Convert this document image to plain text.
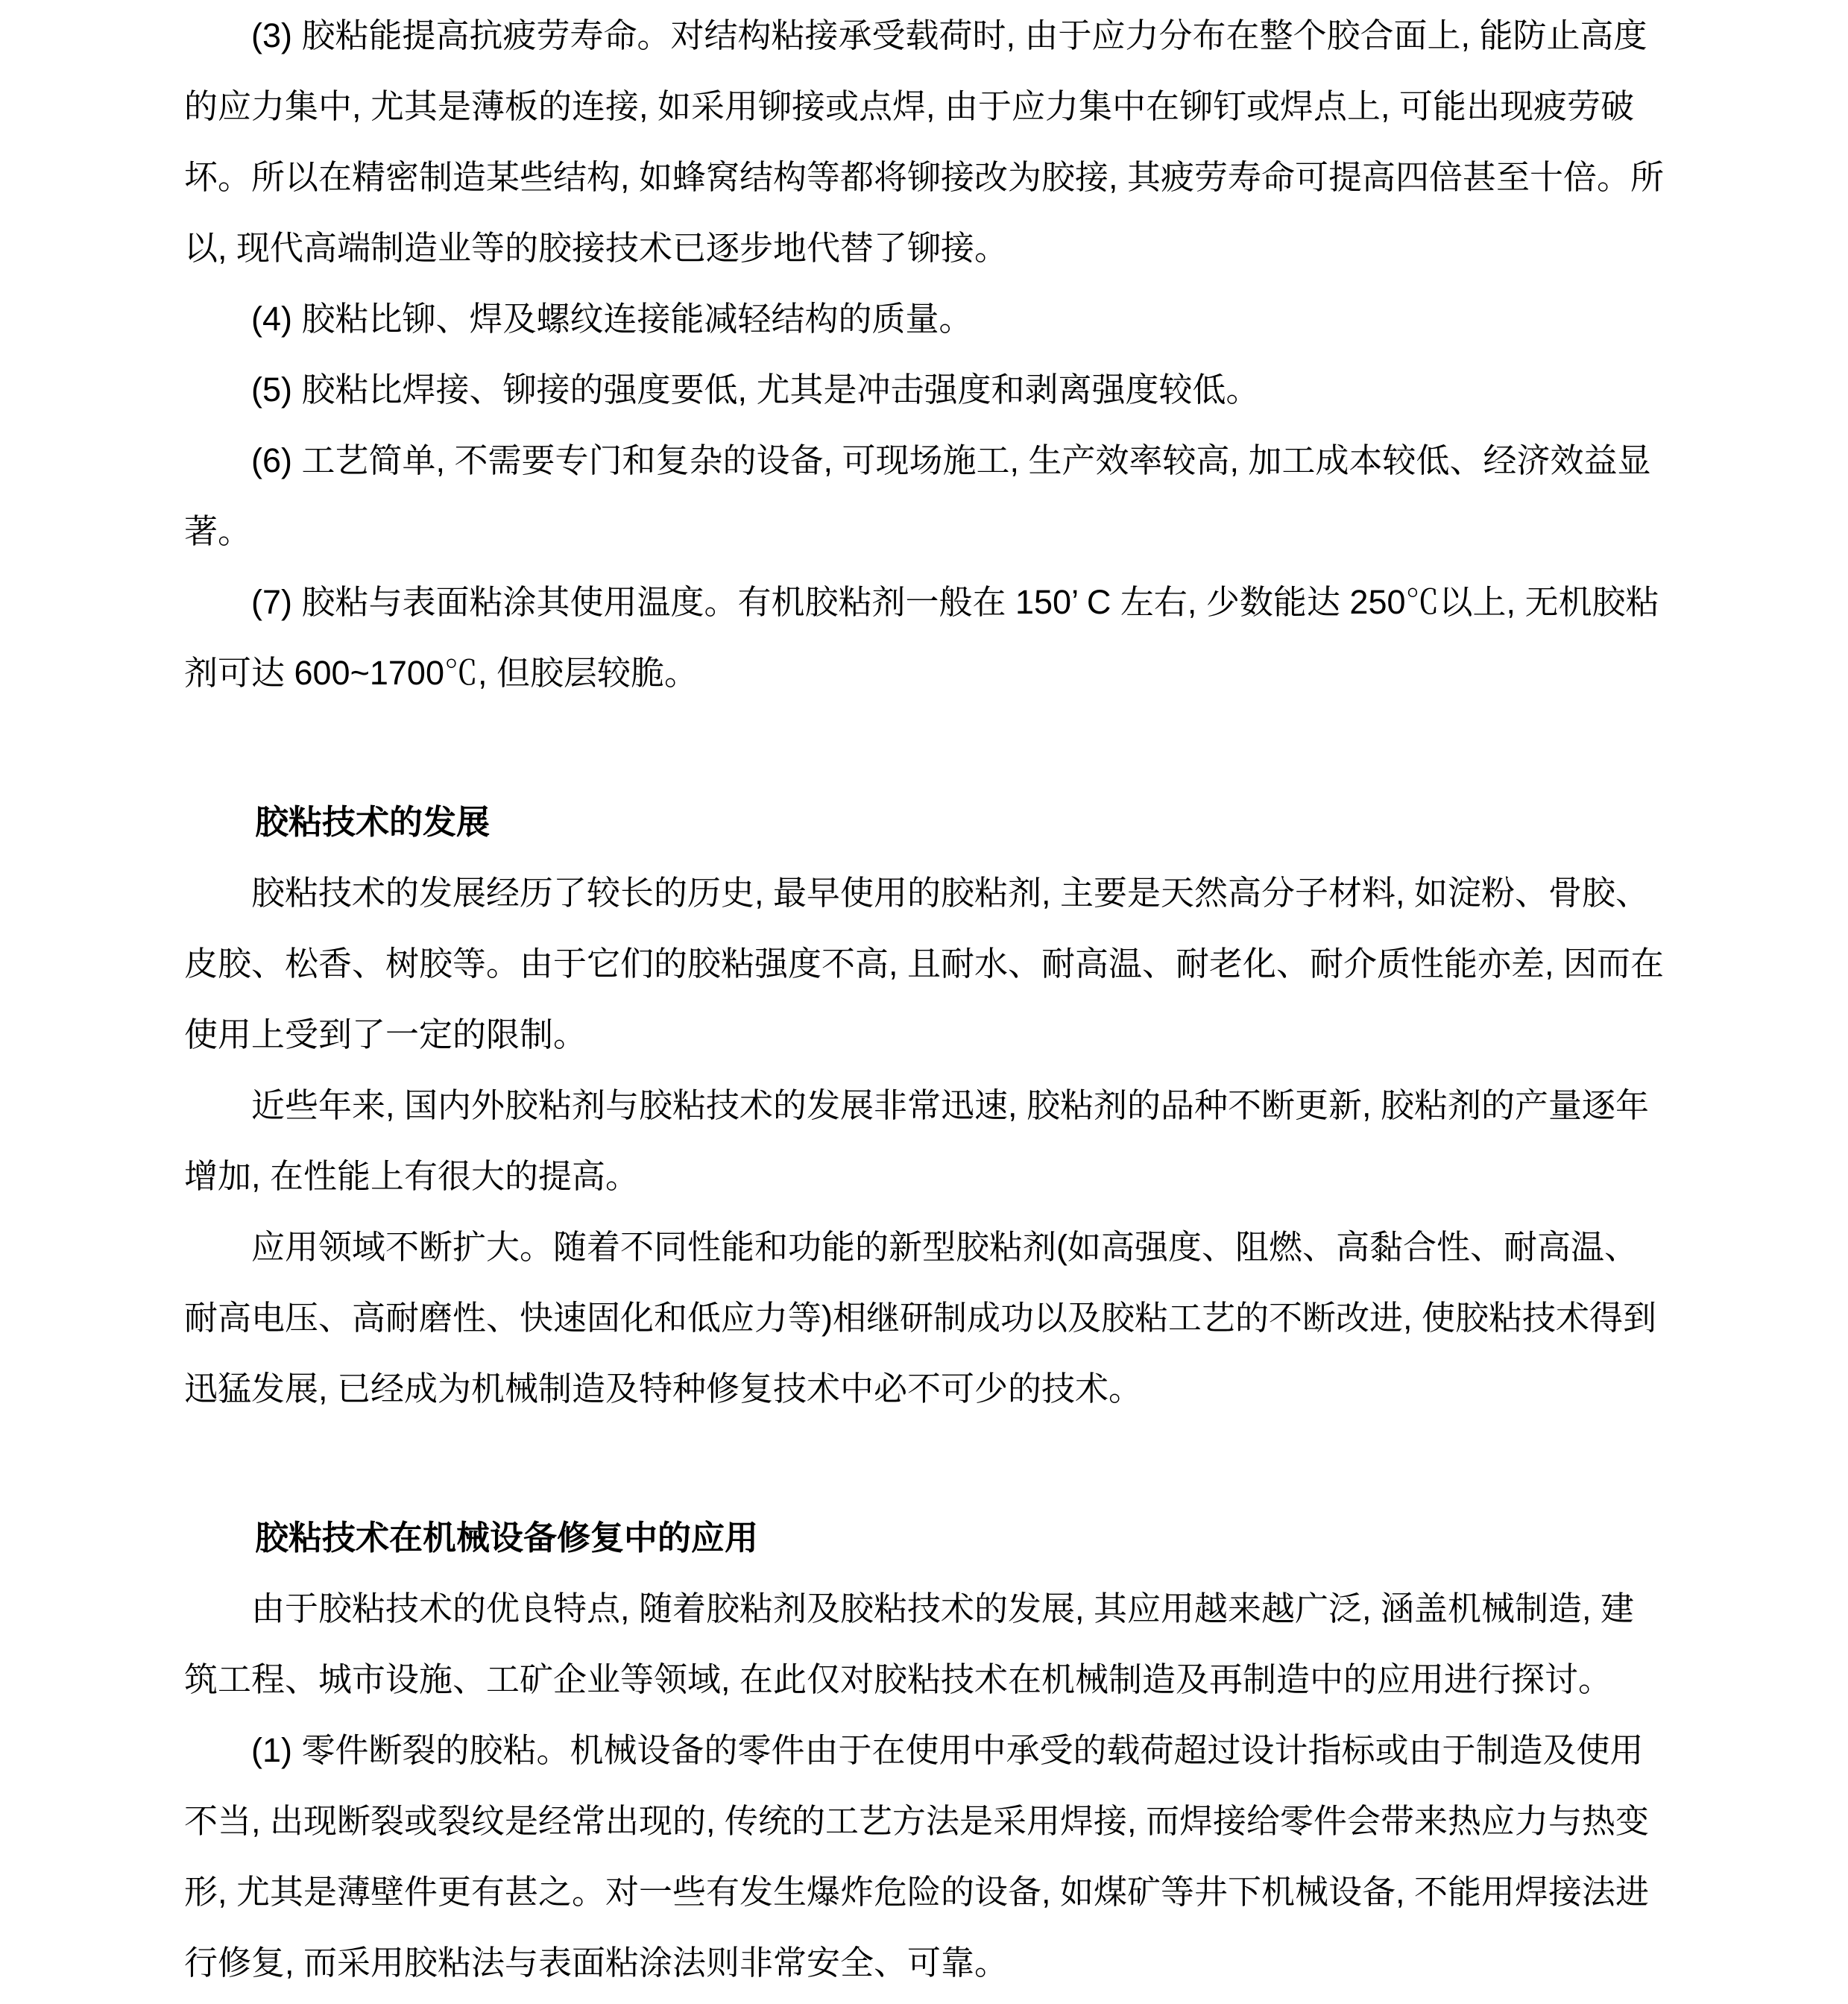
(3) 胶粘能提高抗疲劳寿命。对结构粘接承受载荷时, 由于应力分布在整个胶合面上, 能防止高度
的应力集中, 尤其是薄板的连接, 如采用铆接或点焊, 由于应力集中在铆钉或焊点上, 可能出现疲劳破
坏。所以在精密制造某些结构, 如蜂窝结构等都将铆接改为胶接, 其疲劳寿命可提高四倍甚至十倍。所
以, 现代高端制造业等的胶接技术已逐步地代替了铆接。
(4) 胶粘比铆、焊及螺纹连接能减轻结构的质量。
(5) 胶粘比焊接、铆接的强度要低, 尤其是冲击强度和剥离强度较低。
(6) 工艺简单, 不需要专门和复杂的设备, 可现场施工, 生产效率较高, 加工成本较低、经济效益显
著。
(7) 胶粘与表面粘涂其使用温度。有机胶粘剂一般在 150’ C 左右, 少数能达 250℃以上, 无机胶粘
剂可达 600~1700℃, 但胶层较脆。
胶粘技术的发展
胶粘技术的发展经历了较长的历史, 最早使用的胶粘剂, 主要是天然高分子材料, 如淀粉、骨胶、
皮胶、松香、树胶等。由于它们的胶粘强度不高, 且耐水、耐高温、耐老化、耐介质性能亦差, 因而在
使用上受到了一定的限制。
近些年来, 国内外胶粘剂与胶粘技术的发展非常迅速, 胶粘剂的品种不断更新, 胶粘剂的产量逐年
增加, 在性能上有很大的提高。
应用领域不断扩大。随着不同性能和功能的新型胶粘剂(如高强度、阻燃、高黏合性、耐高温、
耐高电压、高耐磨性、快速固化和低应力等)相继研制成功以及胶粘工艺的不断改进, 使胶粘技术得到
迅猛发展, 已经成为机械制造及特种修复技术中必不可少的技术。
胶粘技术在机械设备修复中的应用
由于胶粘技术的优良特点, 随着胶粘剂及胶粘技术的发展, 其应用越来越广泛, 涵盖机械制造, 建
筑工程、城市设施、工矿企业等领域, 在此仅对胶粘技术在机械制造及再制造中的应用进行探讨。
(1) 零件断裂的胶粘。机械设备的零件由于在使用中承受的载荷超过设计指标或由于制造及使用
不当, 出现断裂或裂纹是经常出现的, 传统的工艺方法是采用焊接, 而焊接给零件会带来热应力与热变
形, 尤其是薄壁件更有甚之。对一些有发生爆炸危险的设备, 如煤矿等井下机械设备, 不能用焊接法进
行修复, 而采用胶粘法与表面粘涂法则非常安全、可靠。
